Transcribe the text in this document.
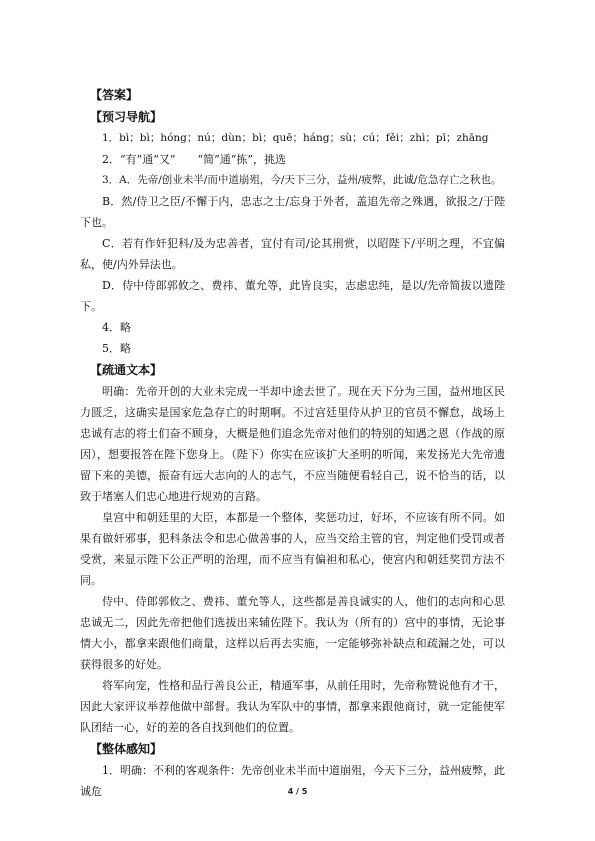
【答案】

【预习导航】

1．bì；bì；hóng；nú；dùn；bì；quē；háng；sù；cú；fěi；zhì；pī；zhāng

2．“有”通“又”　　“简”通“拣”，挑选

3．A．先帝/创业未半/而中道崩殂，今/天下三分，益州/疲弊，此诚/危急存亡之秋也。

B．然/侍卫之臣/不懈于内，忠志之士/忘身于外者，盖追先帝之殊遇，欲报之/于陛下也。

C．若有作奸犯科/及为忠善者，宜付有司/论其刑赏，以昭陛下/平明之理，不宜偏私，使/内外异法也。

D．侍中侍郎郭攸之、费祎、董允等，此皆良实，志虑忠纯，是以/先帝简拔以遗陛下。

4．略

5．略

【疏通文本】

明确：先帝开创的大业未完成一半却中途去世了。现在天下分为三国，益州地区民力匮乏，这确实是国家危急存亡的时期啊。不过宫廷里侍从护卫的官员不懈怠，战场上忠诚有志的将士们奋不顾身，大概是他们追念先帝对他们的特别的知遇之恩（作战的原因），想要报答在陛下您身上。（陛下）你实在应该扩大圣明的听闻，来发扬光大先帝遗留下来的美德，振奋有远大志向的人的志气，不应当随便看轻自己，说不恰当的话，以致于堵塞人们忠心地进行规劝的言路。

皇宫中和朝廷里的大臣，本都是一个整体，奖惩功过，好坏，不应该有所不同。如果有做奸邪事，犯科条法令和忠心做善事的人，应当交给主管的官，判定他们受罚或者受赏，来显示陛下公正严明的治理，而不应当有偏袒和私心，使宫内和朝廷奖罚方法不同。

侍中、侍郎郭攸之、费祎、董允等人，这些都是善良诚实的人，他们的志向和心思忠诚无二，因此先帝把他们选拔出来辅佐陛下。我认为（所有的）宫中的事情，无论事情大小，都拿来跟他们商量，这样以后再去实施，一定能够弥补缺点和疏漏之处，可以获得很多的好处。

将军向宠，性格和品行善良公正，精通军事，从前任用时，先帝称赞说他有才干，因此大家评议举荐他做中部督。我认为军队中的事情，都拿来跟他商讨，就一定能使军队团结一心，好的差的各自找到他们的位置。

【整体感知】

1．明确：不利的客观条件：先帝创业未半而中道崩殂，今天下三分，益州疲弊，此诚危	4 / 5
